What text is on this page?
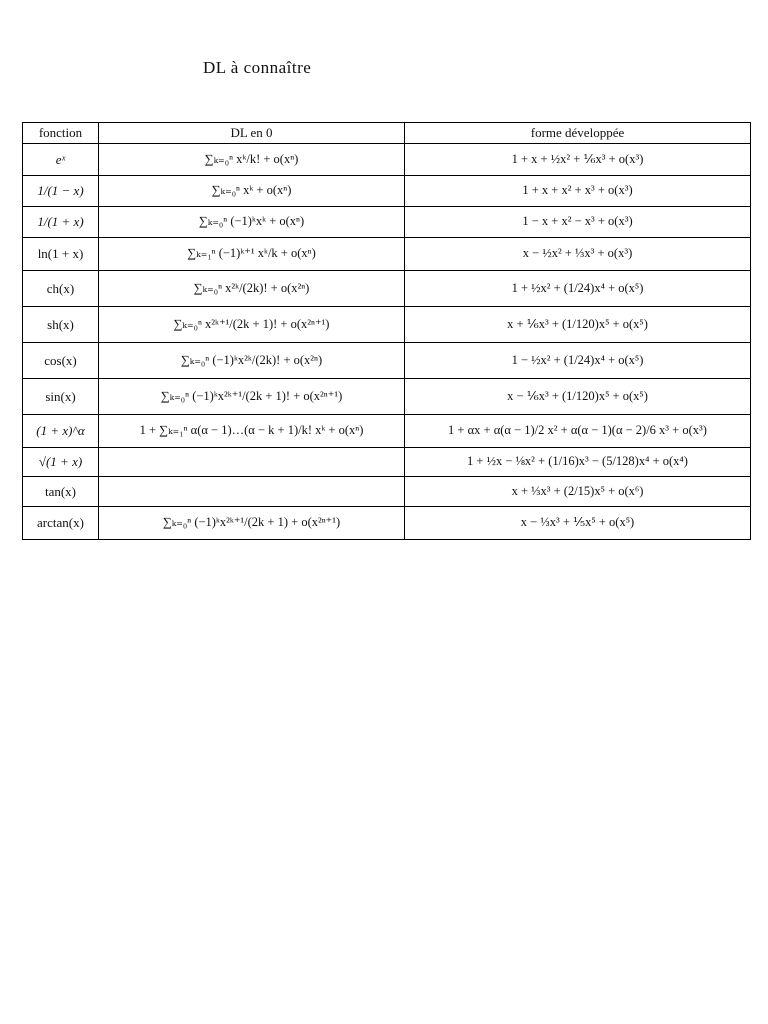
DL à connaître
fonction	DL en 0	forme développée
eˣ	∑ₖ₌₀ⁿ xᵏ/k! + o(xⁿ)	1 + x + ½x² + ⅙x³ + o(x³)
1/(1 − x)	∑ₖ₌₀ⁿ xᵏ + o(xⁿ)	1 + x + x² + x³ + o(x³)
1/(1 + x)	∑ₖ₌₀ⁿ (−1)ᵏxᵏ + o(xⁿ)	1 − x + x² − x³ + o(x³)
ln(1 + x)	∑ₖ₌₁ⁿ (−1)ᵏ⁺¹ xᵏ/k + o(xⁿ)	x − ½x² + ⅓x³ + o(x³)
ch(x)	∑ₖ₌₀ⁿ x²ᵏ/(2k)! + o(x²ⁿ)	1 + ½x² + (1/24)x⁴ + o(x⁵)
sh(x)	∑ₖ₌₀ⁿ x²ᵏ⁺¹/(2k + 1)! + o(x²ⁿ⁺¹)	x + ⅙x³ + (1/120)x⁵ + o(x⁵)
cos(x)	∑ₖ₌₀ⁿ (−1)ᵏx²ᵏ/(2k)! + o(x²ⁿ)	1 − ½x² + (1/24)x⁴ + o(x⁵)
sin(x)	∑ₖ₌₀ⁿ (−1)ᵏx²ᵏ⁺¹/(2k + 1)! + o(x²ⁿ⁺¹)	x − ⅙x³ + (1/120)x⁵ + o(x⁵)
(1 + x)^α	1 + ∑ₖ₌₁ⁿ α(α − 1)…(α − k + 1)/k! xᵏ + o(xⁿ)	1 + αx + α(α − 1)/2 x² + α(α − 1)(α − 2)/6 x³ + o(x³)
√(1 + x)		1 + ½x − ⅛x² + (1/16)x³ − (5/128)x⁴ + o(x⁴)
tan(x)		x + ⅓x³ + (2/15)x⁵ + o(x⁶)
arctan(x)	∑ₖ₌₀ⁿ (−1)ᵏx²ᵏ⁺¹/(2k + 1) + o(x²ⁿ⁺¹)	x − ⅓x³ + ⅕x⁵ + o(x⁵)
